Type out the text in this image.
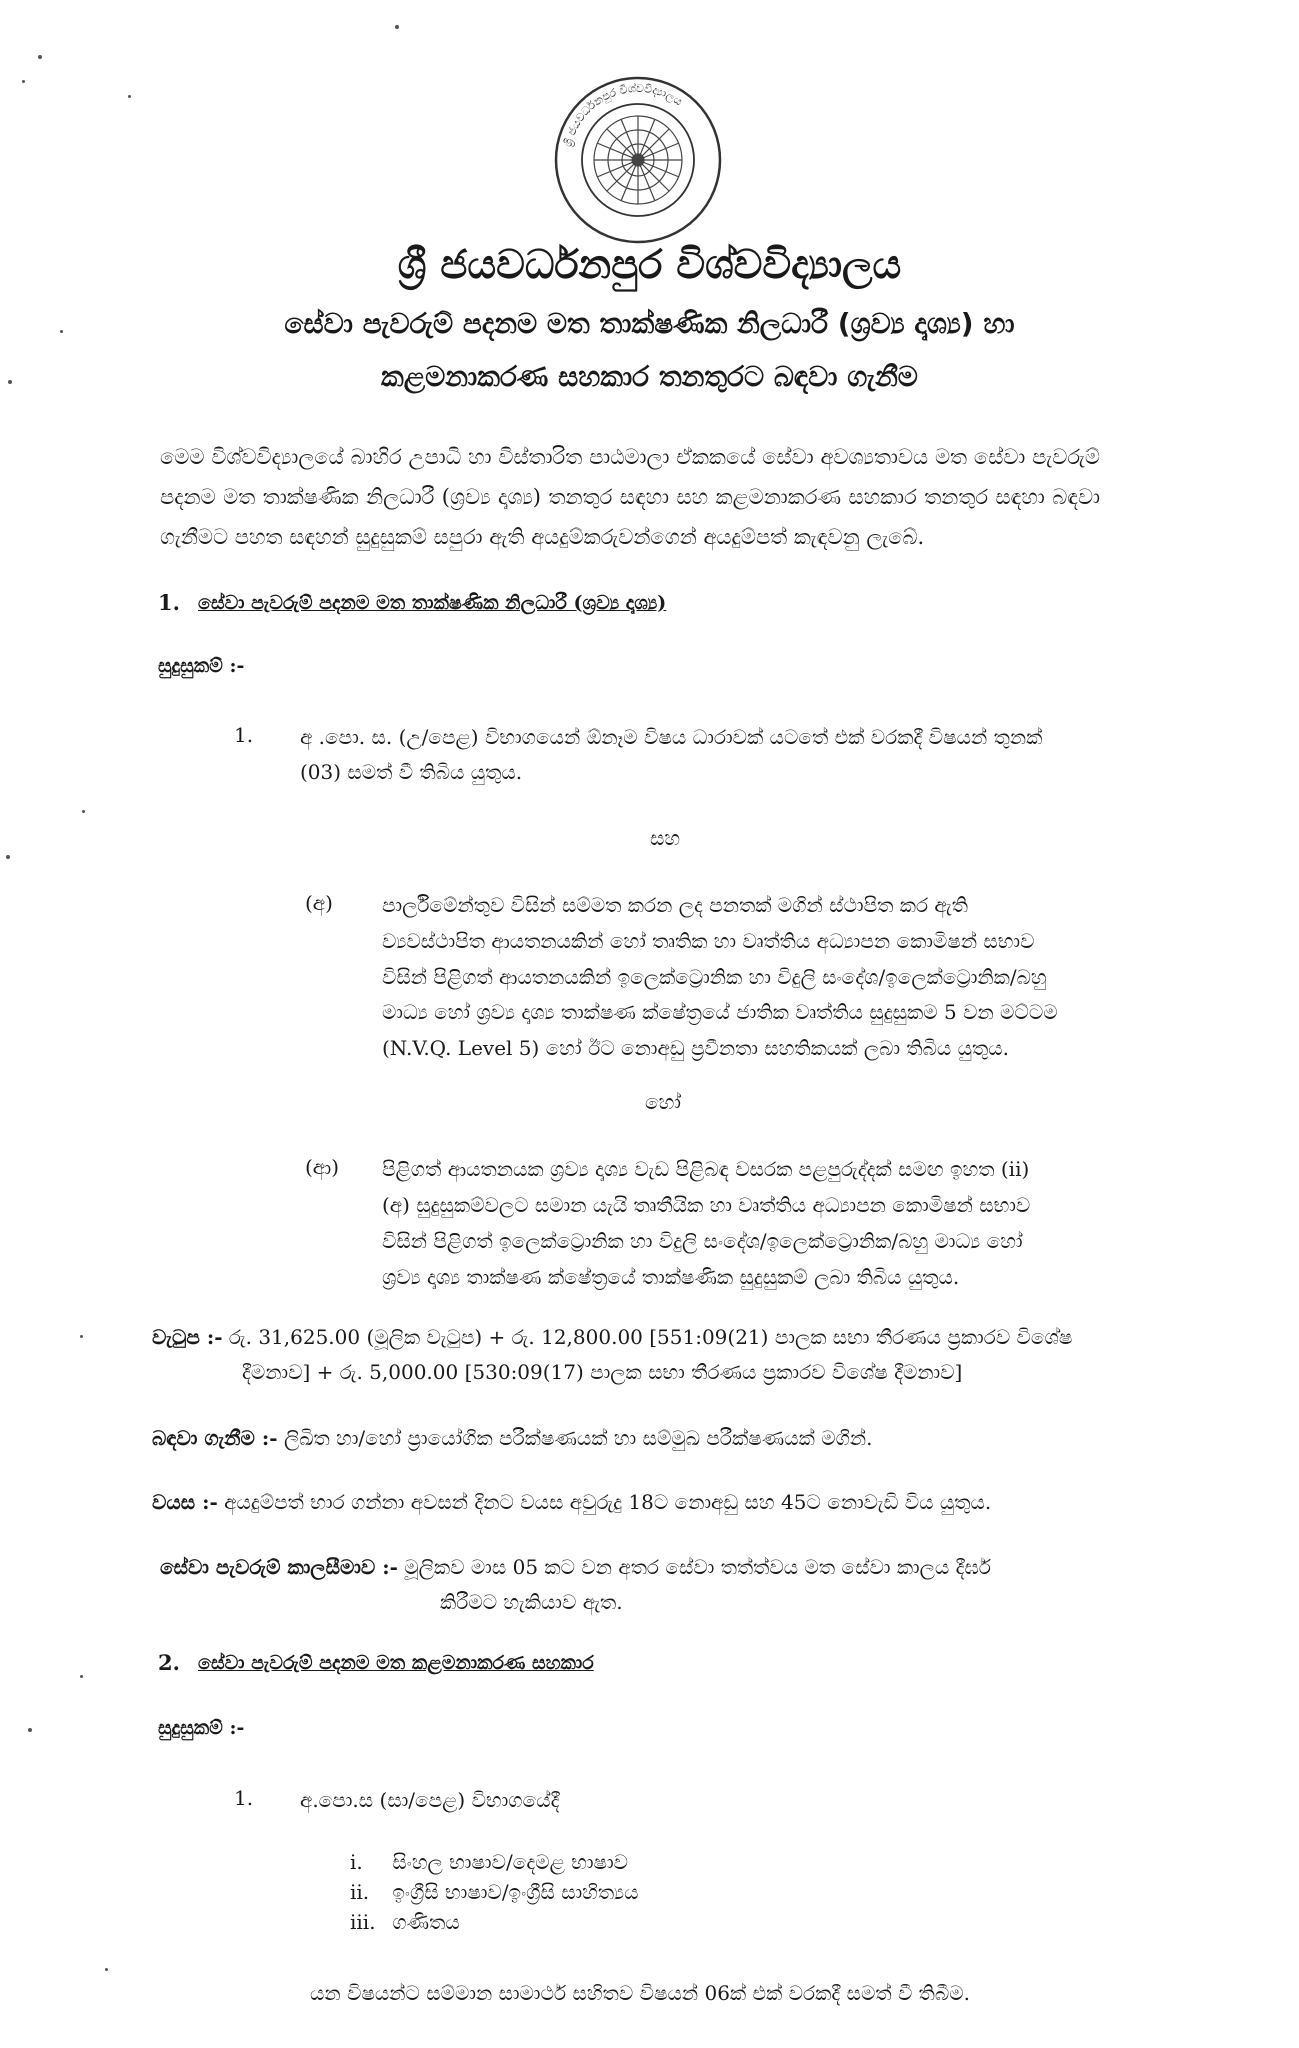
ශ්‍රී ජයවර්ධනපුර විශ්වවිද්‍යාලය
ශ්‍රී ජයවර්ධනපුර විශ්වවිද්‍යාලය
සේවා පැවරුම් පදනම මත තාක්ෂණික නිලධාරී (ශ්‍රව්‍ය දෘශ්‍ය) හා
කළමනාකරණ සහකාර තනතුරට බඳවා ගැනීම
මෙම විශ්වවිද්‍යාලයේ බාහිර උපාධි හා විස්තාරිත පාඨමාලා ඒකකයේ සේවා අවශ්‍යතාවය මත සේවා පැවරුම් පදනම මත තාක්ෂණික නිලධාරී (ශ්‍රව්‍ය දෘශ්‍ය) තනතුර සඳහා සහ කළමනාකරණ සහකාර තනතුර සඳහා බඳවා ගැනීමට පහත සඳහන් සුදුසුකම් සපුරා ඇති අයදුම්කරුවන්ගෙන් අයදුම්පත් කැඳවනු ලැබේ.
1. සේවා පැවරුම් පදනම මත තාක්ෂණික නිලධාරී (ශ්‍රව්‍ය දෘශ්‍ය)
සුදුසුකම් :-
1. අ .පො. ස. (උ/පෙළ) විභාගයෙන් ඕනෑම විෂය ධාරාවක් යටතේ එක් වරකදී විෂයන් තුනක්
(03) සමත් වී තිබිය යුතුය.
සහ
(අ) පාර්ලිමේන්තුව විසින් සම්මත කරන ලද පනතක් මගින් ස්ථාපිත කර ඇති
ව්‍යවස්ථාපිත ආයතනයකින් හෝ තෘතික හා වෘත්තිය අධ්‍යාපන කොමිෂන් සභාව
විසින් පිළිගත් ආයතනයකින් ඉලෙක්ට්‍රොනික හා විදුලි සංදේශ/ඉලෙක්ට්‍රොනික/බහු
මාධ්‍ය හෝ ශ්‍රව්‍ය දෘශ්‍ය තාක්ෂණ ක්ෂේත්‍රයේ ජාතික වෘත්තිය සුදුසුකම 5 වන මට්ටම
(N.V.Q. Level 5) හෝ ඊට නොඅඩු ප්‍රවීනතා සහතිකයක් ලබා තිබිය යුතුය.
හෝ
(ආ) පිළිගත් ආයතනයක ශ්‍රව්‍ය දෘශ්‍ය වැඩ පිළිබඳ වසරක පළපුරුද්දක් සමඟ ඉහත (ii)
(අ) සුදුසුකම්වලට සමාන යැයි තෘතීයික හා වෘත්තිය අධ්‍යාපන කොමිෂන් සභාව
විසින් පිළිගත් ඉලෙක්ට්‍රොනික හා විදුලි සංදේශ/ඉලෙක්ට්‍රොනික/බහු මාධ්‍ය හෝ
ශ්‍රව්‍ය දෘශ්‍ය තාක්ෂණ ක්ෂේත්‍රයේ තාක්ෂණික සුදුසුකම් ලබා තිබිය යුතුය.
වැටුප :- රු. 31,625.00 (මූලික වැටුප) + රු. 12,800.00 [551:09(21) පාලක සභා තීරණය ප්‍රකාරව විශේෂ
දීමනාව] + රු. 5,000.00 [530:09(17) පාලක සභා තීරණය ප්‍රකාරව විශේෂ දීමනාව]
බඳවා ගැනීම :- ලිඛිත හා/හෝ ප්‍රායෝගික පරීක්ෂණයක් හා සම්මුඛ පරීක්ෂණයක් මගින්.
වයස :- අයදුම්පත් භාර ගන්නා අවසන් දිනට වයස අවුරුදු 18ට නොඅඩු සහ 45ට නොවැඩි විය යුතුය.
සේවා පැවරුම් කාලසීමාව :- මූලිකව මාස 05 කට වන අතර සේවා තත්ත්වය මත සේවා කාලය දීර්ඝ
කිරීමට හැකියාව ඇත.
2. සේවා පැවරුම් පදනම මත කළමනාකරණ සහකාර
සුදුසුකම් :-
1. අ.පො.ස (සා/පෙළ) විභාගයේදී
i. සිංහල භාෂාව/දෙමළ භාෂාව
ii. ඉංග්‍රීසි භාෂාව/ඉංග්‍රීසි සාහිත්‍යය
iii. ගණිතය
යන විෂයන්ට සම්මාන සාමාර්ථ සහිතව විෂයන් 06ක් එක් වරකදී සමත් වී තිබීම.
